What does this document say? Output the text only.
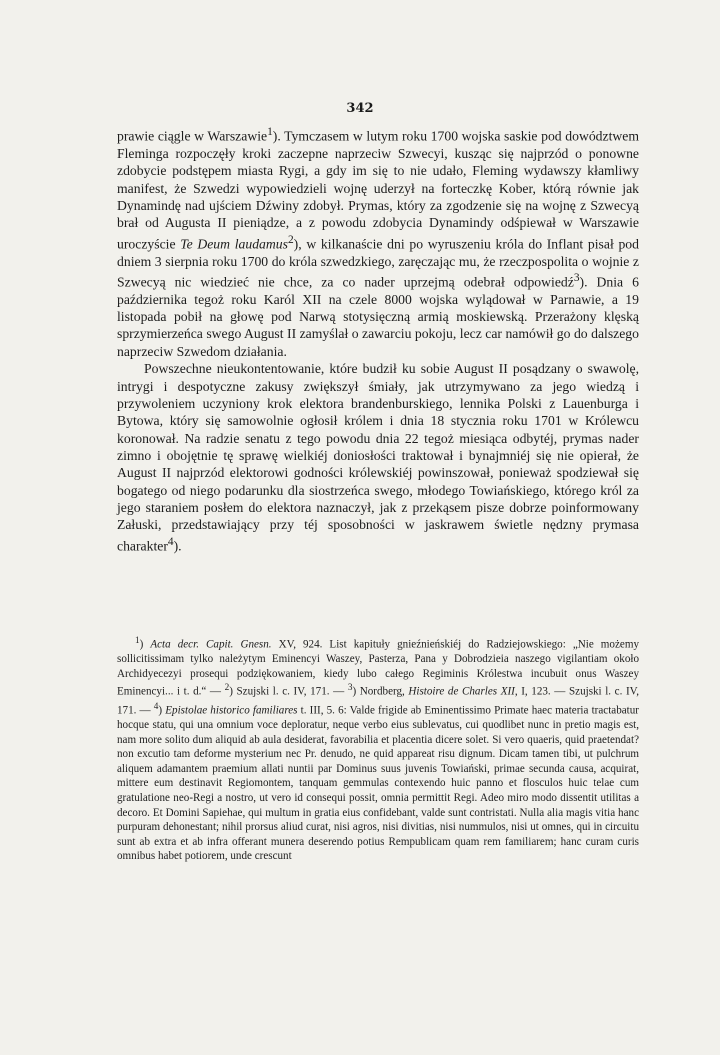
342

prawie ciągle w Warszawie$^1$). Tymczasem w lutym roku 1700 wojska saskie pod dowództwem Fleminga rozpoczęły kroki zaczepne naprzeciw Szwecyi, kusząc się najprzód o ponowne zdobycie podstępem miasta Rygi, a gdy im się to nie udało, Fleming wydawszy kłamliwy manifest, że Szwedzi wypowiedzieli wojnę uderzył na forteczkę Kober, którą równie jak Dynamindę nad ujściem Dźwiny zdobył. Prymas, który za zgodzenie się na wojnę z Szwecyą brał od Augusta II pieniądze, a z powodu zdobycia Dynamindy odśpiewał w Warszawie uroczyście Te Deum laudamus$^2$), w kilkanaście dni po wyruszeniu króla do Inflant pisał pod dniem 3 sierpnia roku 1700 do króla szwedzkiego, zaręczając mu, że rzeczpospolita o wojnie z Szwecyą nic wiedzieć nie chce, za co nader uprzejmą odebrał odpowiedź$^3$). Dnia 6 października tegoż roku Karól XII na czele 8000 wojska wylądował w Parnawie, a 19 listopada pobił na głowę pod Narwą stotysięczną armią moskiewską. Przerażony klęską sprzymierzeńca swego August II zamyślał o zawarciu pokoju, lecz car namówił go do dalszego naprzeciw Szwedom działania.

Powszechne nieukontentowanie, które budził ku sobie August II posądzany o swawolę, intrygi i despotyczne zakusy zwiększył śmiały, jak utrzymywano za jego wiedzą i przywoleniem uczyniony krok elektora brandenburskiego, lennika Polski z Lauenburga i Bytowa, który się samowolnie ogłosił królem i dnia 18 stycznia roku 1701 w Królewcu koronował. Na radzie senatu z tego powodu dnia 22 tegoż miesiąca odbytéj, prymas nader zimno i obojętnie tę sprawę wielkiéj doniosłości traktował i bynajmniéj się nie opierał, że August II najprzód elektorowi godności królewskiéj powinszował, ponieważ spodziewał się bogatego od niego podarunku dla siostrzeńca swego, młodego Towiańskiego, którego król za jego staraniem posłem do elektora naznaczył, jak z przekąsem pisze dobrze poinformowany Załuski, przedstawiający przy téj sposobności w jaskrawem świetle nędzny prymasa charakter$^4$).

$^1$) Acta decr. Capit. Gnesn. XV, 924. List kapituły gnieźnieńskiéj do Radziejowskiego: „Nie możemy sollicitissimam tylko należytym Eminencyi Waszey, Pasterza, Pana y Dobrodzieia naszego vigilantiam około Archidyecezyi prosequi podziękowaniem, kiedy lubo całego Regiminis Królestwa incubuit onus Waszey Eminencyi... i t. d.“ — $^2$) Szujski l. c. IV, 171. — $^3$) Nordberg, Histoire de Charles XII, I, 123. — Szujski l. c. IV, 171. — $^4$) Epistolae historico familiares t. III, 5. 6: Valde frigide ab Eminentissimo Primate haec materia tractabatur hocque statu, qui una omnium voce deploratur, neque verbo eius sublevatus, cui quodlibet nunc in pretio magis est, nam more solito dum aliquid ab aula desiderat, favorabilia et placentia dicere solet. Si vero quaeris, quid praetendat? non excutio tam deforme mysterium nec Pr. denudo, ne quid appareat risu dignum. Dicam tamen tibi, ut pulchrum aliquem adamantem praemium allati nuntii par Dominus suus juvenis Towiański, primae secunda causa, acquirat, mittere eum destinavit Regiomontem, tanquam gemmulas contexendo huic panno et flosculos huic telae cum gratulatione neo-Regi a nostro, ut vero id consequi possit, omnia permittit Regi. Adeo miro modo dissentit utilitas a decoro. Et Domini Sapiehae, qui multum in gratia eius confidebant, valde sunt contristati. Nulla alia magis vitia hanc purpuram dehonestant; nihil prorsus aliud curat, nisi agros, nisi divitias, nisi nummulos, nisi ut omnes, qui in circuitu sunt ab extra et ab infra offerant munera deserendo potius Rempublicam quam rem familiarem; hanc curam curis omnibus habet potiorem, unde crescunt
